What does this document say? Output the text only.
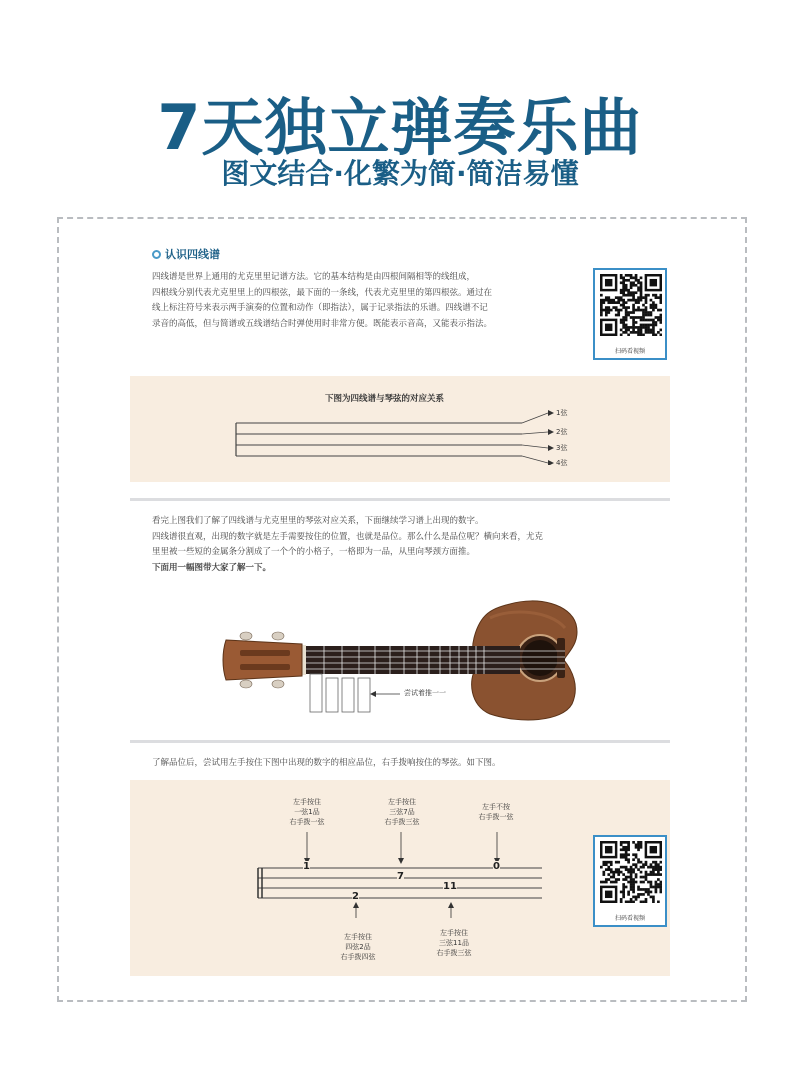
7天独立弹奏乐曲
图文结合·化繁为简·简洁易懂
认识四线谱
四线谱是世界上通用的尤克里里记谱方法。它的基本结构是由四根间隔相等的线组成，
四根线分别代表尤克里里上的四根弦，最下面的一条线，代表尤克里里的第四根弦。通过在
线上标注符号来表示两手演奏的位置和动作（即指法），属于记录指法的乐谱。四线谱不记
录音的高低，但与简谱或五线谱结合时弹使用时非常方便。既能表示音高，又能表示指法。
扫码看视频
下图为四线谱与琴弦的对应关系
1弦
2弦
3弦
4弦
看完上图我们了解了四线谱与尤克里里的琴弦对应关系，下面继续学习谱上出现的数字。
四线谱很直观，出现的数字就是左手需要按住的位置，也就是品位。那么什么是品位呢？横向来看，尤克
里里被一些短的金属条分割成了一个个的小格子，一格即为一品，从里向琴颈方面推。
下面用一幅图带大家了解一下。
尝试着推一一
了解品位后，尝试用左手按住下图中出现的数字的相应品位，右手拨响按住的琴弦。如下图。
左手按住
一弦1品
右手拨一弦
左手按住
三弦7品
右手拨三弦
左手不按
右手拨一弦
1
7
0
2
11
左手按住
四弦2品
右手拨四弦
左手按住
三弦11品
右手拨三弦
扫码看视频
